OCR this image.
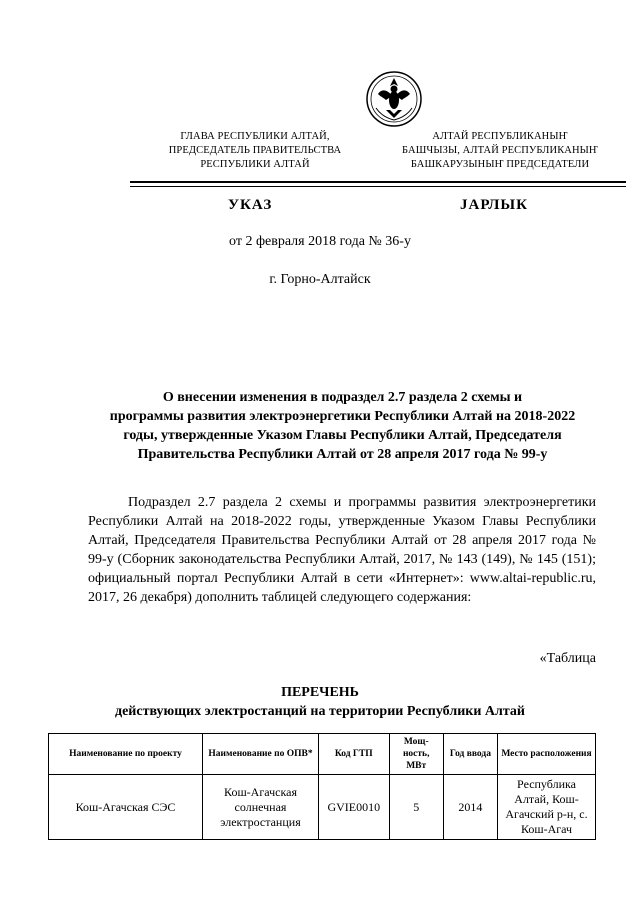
ГЛАВА РЕСПУБЛИКИ АЛТАЙ,
ПРЕДСЕДАТЕЛЬ ПРАВИТЕЛЬСТВА
РЕСПУБЛИКИ АЛТАЙ
АЛТАЙ РЕСПУБЛИКАНЫҤ
БАШЧЫЗЫ, АЛТАЙ РЕСПУБЛИКАНЫҤ
БАШКАРУЗЫНЫҤ ПРЕДСЕДАТЕЛИ
УКАЗ	JАРЛЫК
от 2 февраля 2018 года № 36-у
г. Горно-Алтайск
О внесении изменения в подраздел 2.7 раздела 2 схемы и
программы развития электроэнергетики Республики Алтай на 2018-2022
годы, утвержденные Указом Главы Республики Алтай, Председателя
Правительства Республики Алтай от 28 апреля 2017 года № 99-у
Подраздел 2.7 раздела 2 схемы и программы развития электроэнергетики Республики Алтай на 2018-2022 годы, утвержденные Указом Главы Республики Алтай, Председателя Правительства Республики Алтай от 28 апреля 2017 года № 99-у (Сборник законодательства Республики Алтай, 2017, № 143 (149), № 145 (151); официальный портал Республики Алтай в сети «Интернет»: www.altai-republic.ru, 2017, 26 декабря) дополнить таблицей следующего содержания:
«Таблица
ПЕРЕЧЕНЬ
действующих электростанций на территории Республики Алтай
Наименование по проекту	Наименование по ОПВ*	Код ГТП	Мощ-ность, МВт	Год ввода	Место расположения
Кош-Агачская СЭС	Кош-Агачская солнечная электростанция	GVIE0010	5	2014	Республика Алтай, Кош-Агачский р-н, с. Кош-Агач
